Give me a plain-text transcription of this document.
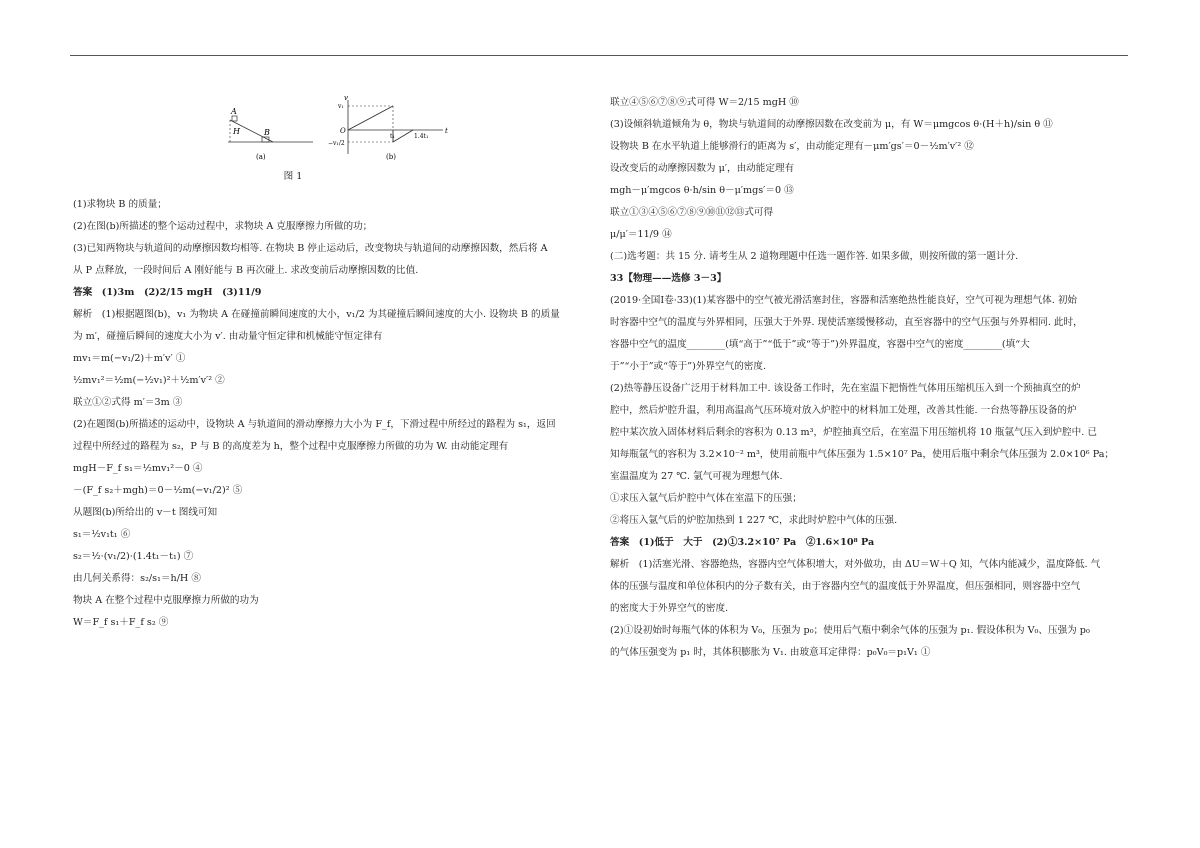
A
H	B
(a)
v
v₁
O
−v₁/2
t₁	1.4t₁
t
(b)
图 1

(1)求物块 B 的质量；

(2)在图(b)所描述的整个运动过程中，求物块 A 克服摩擦力所做的功；

(3)已知两物块与轨道间的动摩擦因数均相等. 在物块 B 停止运动后，改变物块与轨道间的动摩擦因数，然后将 A

从 P 点释放，一段时间后 A 刚好能与 B 再次碰上. 求改变前后动摩擦因数的比值.

答案　(1)3m　(2)2/15 mgH　(3)11/9

解析　(1)根据题图(b)，v₁ 为物块 A 在碰撞前瞬间速度的大小，v₁/2 为其碰撞后瞬间速度的大小. 设物块 B 的质量

为 m′，碰撞后瞬间的速度大小为 v′. 由动量守恒定律和机械能守恒定律有

mv₁＝m(−v₁/2)＋m′v′ ①

½mv₁²＝½m(−½v₁)²＋½m′v′² ②

联立①②式得 m′＝3m ③

(2)在题图(b)所描述的运动中，设物块 A 与轨道间的滑动摩擦力大小为 F_f，下滑过程中所经过的路程为 s₁，返回

过程中所经过的路程为 s₂，P 与 B 的高度差为 h，整个过程中克服摩擦力所做的功为 W. 由动能定理有

mgH－F_f s₁＝½mv₁²－0 ④

－(F_f s₂＋mgh)＝0－½m(−v₁/2)² ⑤

从题图(b)所给出的 v－t 图线可知

s₁＝½v₁t₁ ⑥

s₂＝½·(v₁/2)·(1.4t₁－t₁) ⑦

由几何关系得：s₂/s₁＝h/H ⑧

物块 A 在整个过程中克服摩擦力所做的功为

W＝F_f s₁＋F_f s₂ ⑨

联立④⑤⑥⑦⑧⑨式可得 W＝2/15 mgH ⑩

(3)设倾斜轨道倾角为 θ，物块与轨道间的动摩擦因数在改变前为 μ，有 W＝μmgcos θ·(H＋h)/sin θ ⑪

设物块 B 在水平轨道上能够滑行的距离为 s′，由动能定理有－μm′gs′＝0－½m′v′² ⑫

设改变后的动摩擦因数为 μ′，由动能定理有

mgh－μ′mgcos θ·h/sin θ－μ′mgs′＝0 ⑬

联立①③④⑤⑥⑦⑧⑨⑩⑪⑫⑬式可得

μ/μ′＝11/9 ⑭

(二)选考题：共 15 分. 请考生从 2 道物理题中任选一题作答. 如果多做，则按所做的第一题计分.

33【物理——选修 3－3】

(2019·全国Ⅰ卷·33)(1)某容器中的空气被光滑活塞封住，容器和活塞绝热性能良好，空气可视为理想气体. 初始

时容器中空气的温度与外界相同，压强大于外界. 现使活塞缓慢移动，直至容器中的空气压强与外界相同. 此时，

容器中空气的温度________(填“高于”“低于”或“等于”)外界温度，容器中空气的密度________(填“大

于”“小于”或“等于”)外界空气的密度.

(2)热等静压设备广泛用于材料加工中. 该设备工作时，先在室温下把惰性气体用压缩机压入到一个预抽真空的炉

腔中，然后炉腔升温，利用高温高气压环境对放入炉腔中的材料加工处理，改善其性能. 一台热等静压设备的炉

腔中某次放入固体材料后剩余的容积为 0.13 m³，炉腔抽真空后，在室温下用压缩机将 10 瓶氩气压入到炉腔中. 已

知每瓶氩气的容积为 3.2×10⁻² m³，使用前瓶中气体压强为 1.5×10⁷ Pa，使用后瓶中剩余气体压强为 2.0×10⁶ Pa；

室温温度为 27 ℃. 氩气可视为理想气体.

①求压入氩气后炉腔中气体在室温下的压强；

②将压入氩气后的炉腔加热到 1 227 ℃，求此时炉腔中气体的压强.

答案　(1)低于　大于　(2)①3.2×10⁷ Pa　②1.6×10⁸ Pa

解析　(1)活塞光滑、容器绝热，容器内空气体积增大，对外做功，由 ΔU＝W＋Q 知，气体内能减少，温度降低. 气

体的压强与温度和单位体积内的分子数有关，由于容器内空气的温度低于外界温度，但压强相同，则容器中空气

的密度大于外界空气的密度.

(2)①设初始时每瓶气体的体积为 V₀，压强为 p₀；使用后气瓶中剩余气体的压强为 p₁. 假设体积为 V₀、压强为 p₀

的气体压强变为 p₁ 时，其体积膨胀为 V₁. 由玻意耳定律得：p₀V₀＝p₁V₁ ①
